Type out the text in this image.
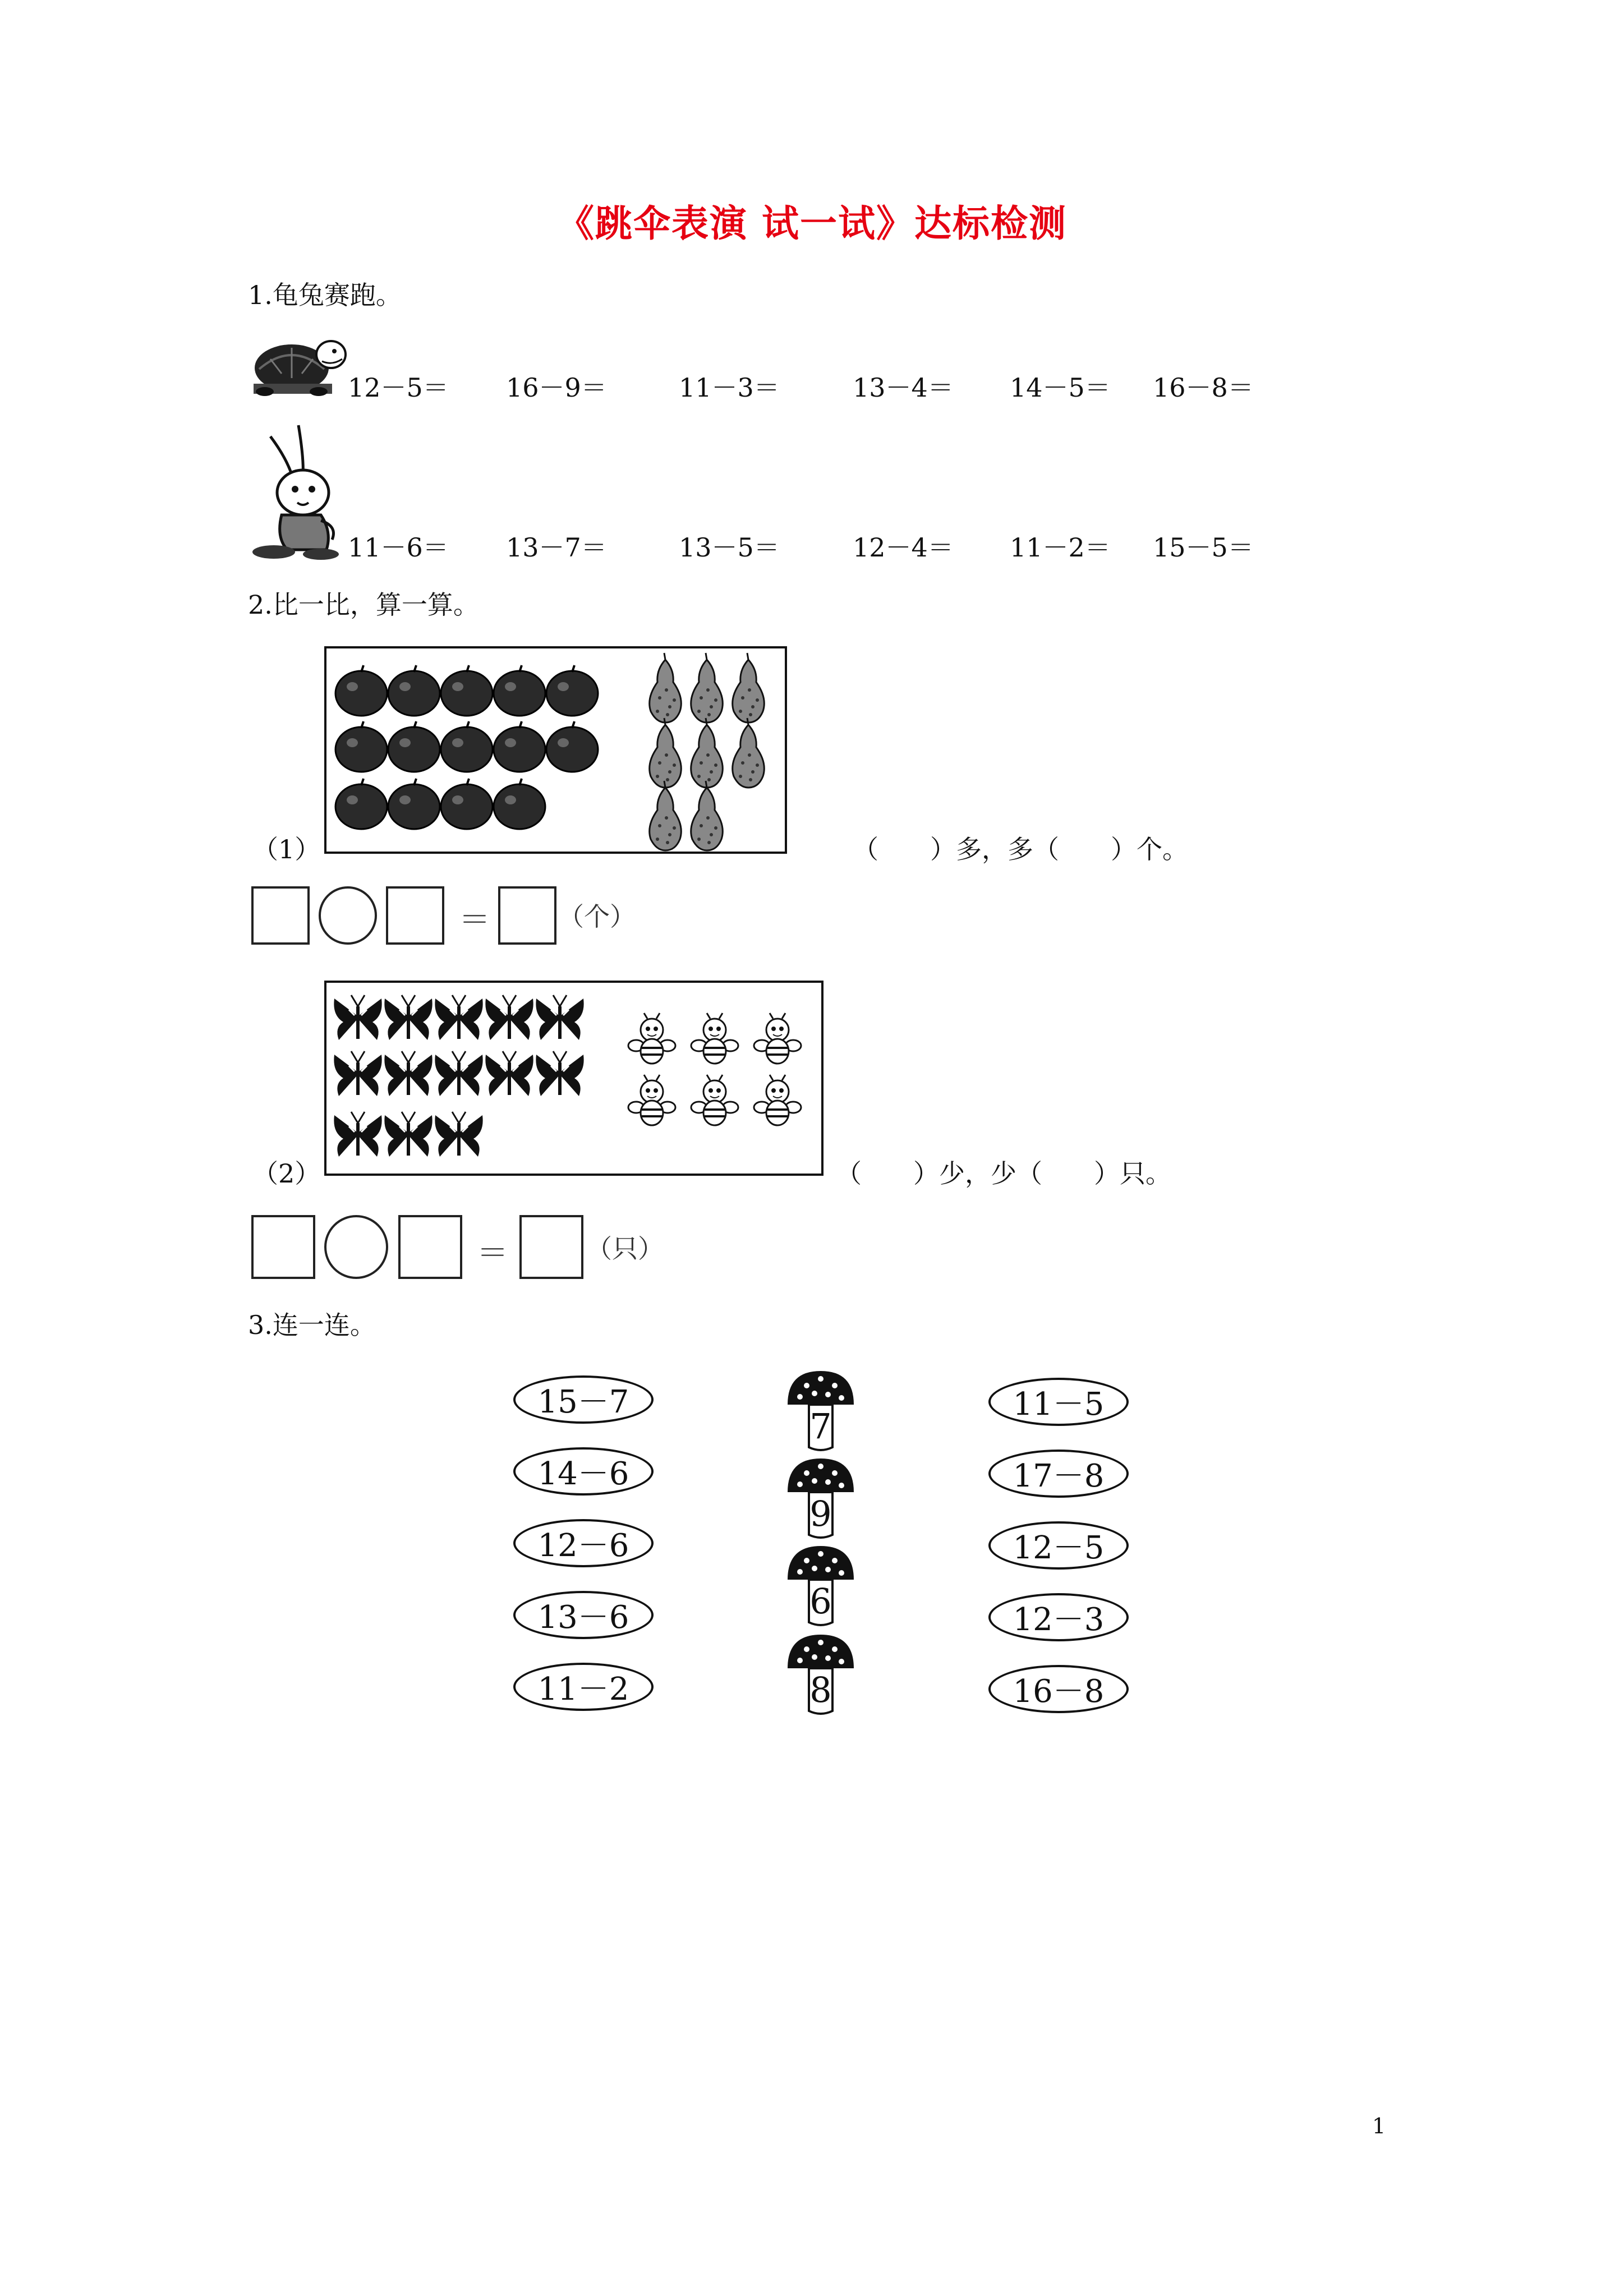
《跳伞表演 试一试》达标检测
1.龟兔赛跑。
12－5＝ 16－9＝	11－3＝	13－4＝ 14－5＝ 16－8＝
11－6＝ 13－7＝	13－5＝	12－4＝ 11－2＝ 15－5＝
2.比一比，算一算。
（1）	（　　）多，多（　　）个。
＝	（个）
（2）	（　　）少，少（　　）只。
＝	（只）
3.连一连。
15－7
14－6
12－6
13－6
11－2
7
9
6
8
11－5
17－8
12－5
12－3
16－8
1
